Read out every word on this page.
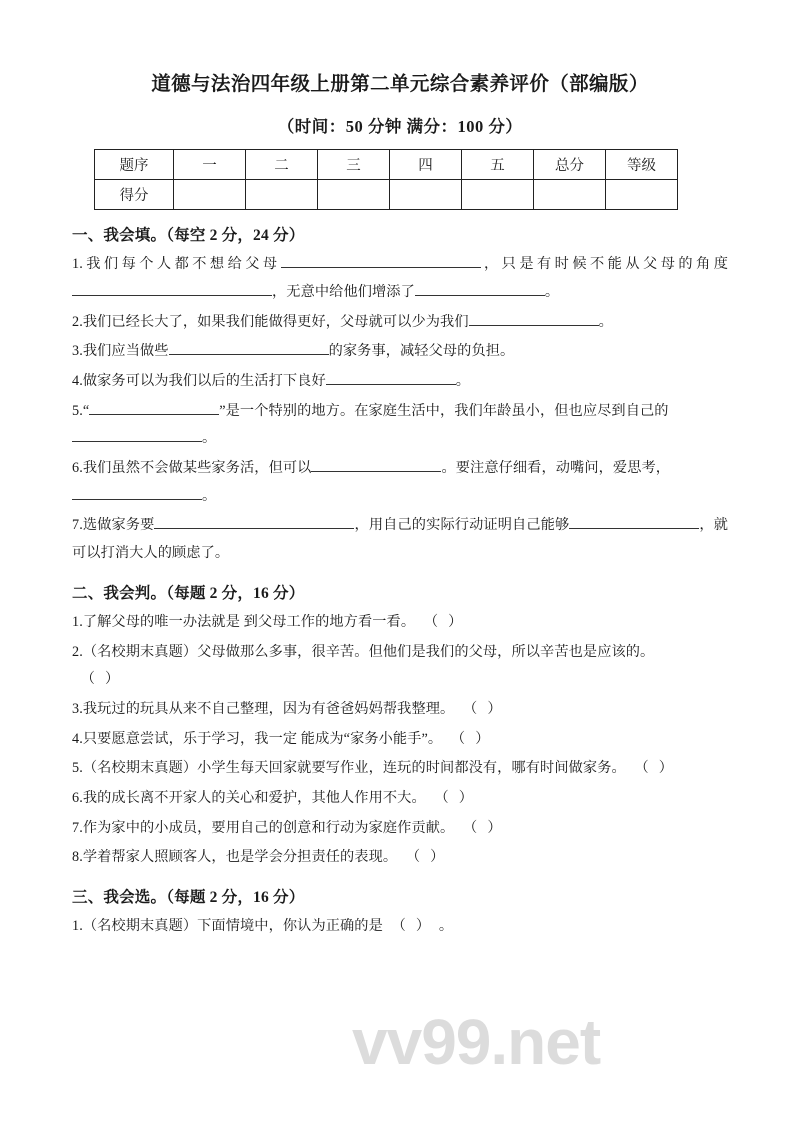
道德与法治四年级上册第二单元综合素养评价（部编版）
（时间：50 分钟 满分：100 分）
题序	一	二	三	四	五	总分	等级
得分							
一、我会填。（每空 2 分，24 分）
1.我们每个人都不想给父母	，只是有时候不能从父母的角度，无意中给他们增添了	。
2.我们已经长大了，如果我们能做得更好，父母就可以少为我们	。
3.我们应当做些	的家务事，减轻父母的负担。
4.做家务可以为我们以后的生活打下良好	。
5.“	”是一个特别的地方。在家庭生活中，我们年龄虽小，但也应尽到自己的
。
6.我们虽然不会做某些家务活，但可以	。要注意仔细看，动嘴问，爱思考，
。
7.选做家务要	，用自己的实际行动证明自己能够	，就可以打消大人的顾虑了。
二、我会判。（每题 2 分，16 分）
1.了解父母的唯一办法就是 到父母工作的地方看一看。 （ ）
2.（名校期末真题）父母做那么多事，很辛苦。但他们是我们的父母，所以辛苦也是应该的。
（ ）
3.我玩过的玩具从来不自己整理，因为有爸爸妈妈帮我整理。 （ ）
4.只要愿意尝试，乐于学习，我一定 能成为“家务小能手”。 （ ）
5.（名校期末真题）小学生每天回家就要写作业，连玩的时间都没有，哪有时间做家务。 （ ）
6.我的成长离不开家人的关心和爱护，其他人作用不大。 （ ）
7.作为家中的小成员，要用自己的创意和行动为家庭作贡献。 （ ）
8.学着帮家人照顾客人，也是学会分担责任的表现。 （ ）
三、我会选。（每题 2 分，16 分）
1.（名校期末真题）下面情境中，你认为正确的是 （ ） 。
vv99.net
